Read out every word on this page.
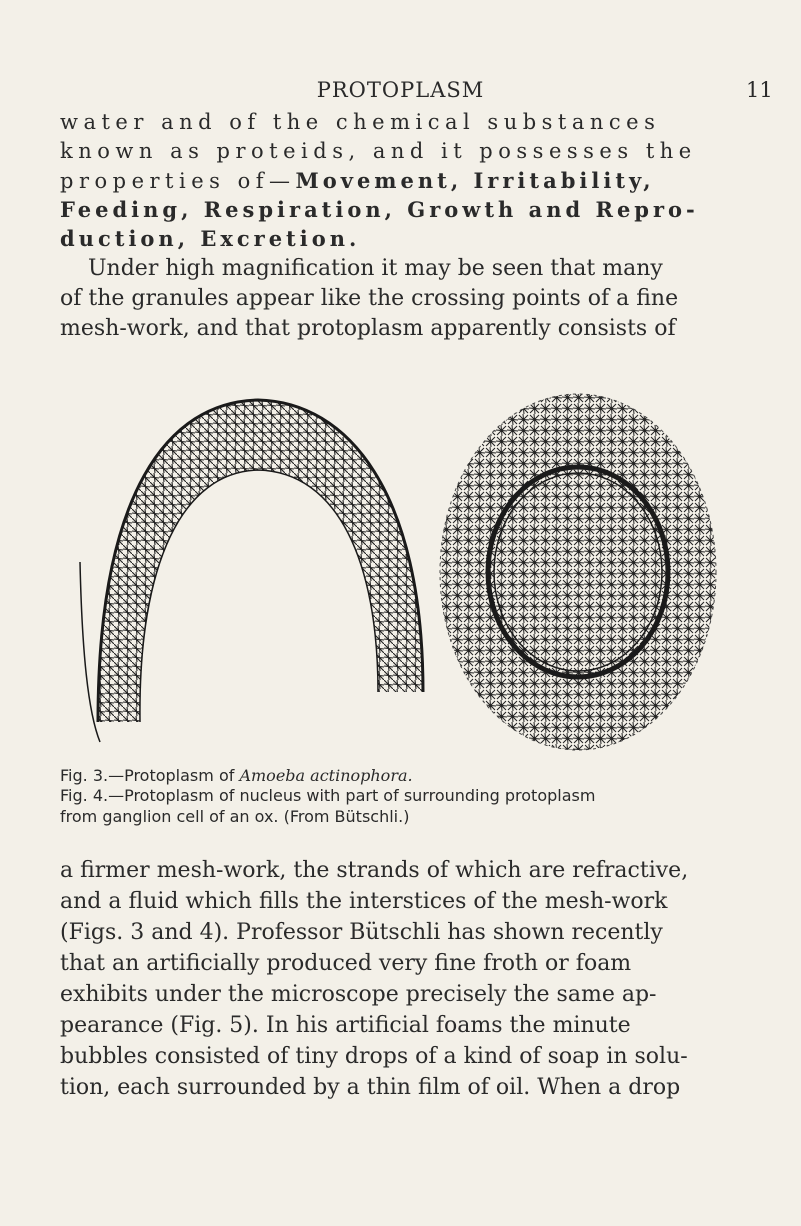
PROTOPLASM	11
water and of the chemical substances
known as proteids, and it possesses the
properties of—Movement, Irritability,
Feeding, Respiration, Growth and Repro-
duction, Excretion.
Under high magnification it may be seen that many
of the granules appear like the crossing points of a fine
mesh-work, and that protoplasm apparently consists of
Fig. 3.—Protoplasm of Amoeba actinophora.
Fig. 4.—Protoplasm of nucleus with part of surrounding protoplasm
from ganglion cell of an ox. (From Bütschli.)
a firmer mesh-work, the strands of which are refractive,
and a fluid which fills the interstices of the mesh-work
(Figs. 3 and 4). Professor Bütschli has shown recently
that an artificially produced very fine froth or foam
exhibits under the microscope precisely the same ap-
pearance (Fig. 5). In his artificial foams the minute
bubbles consisted of tiny drops of a kind of soap in solu-
tion, each surrounded by a thin film of oil. When a drop
